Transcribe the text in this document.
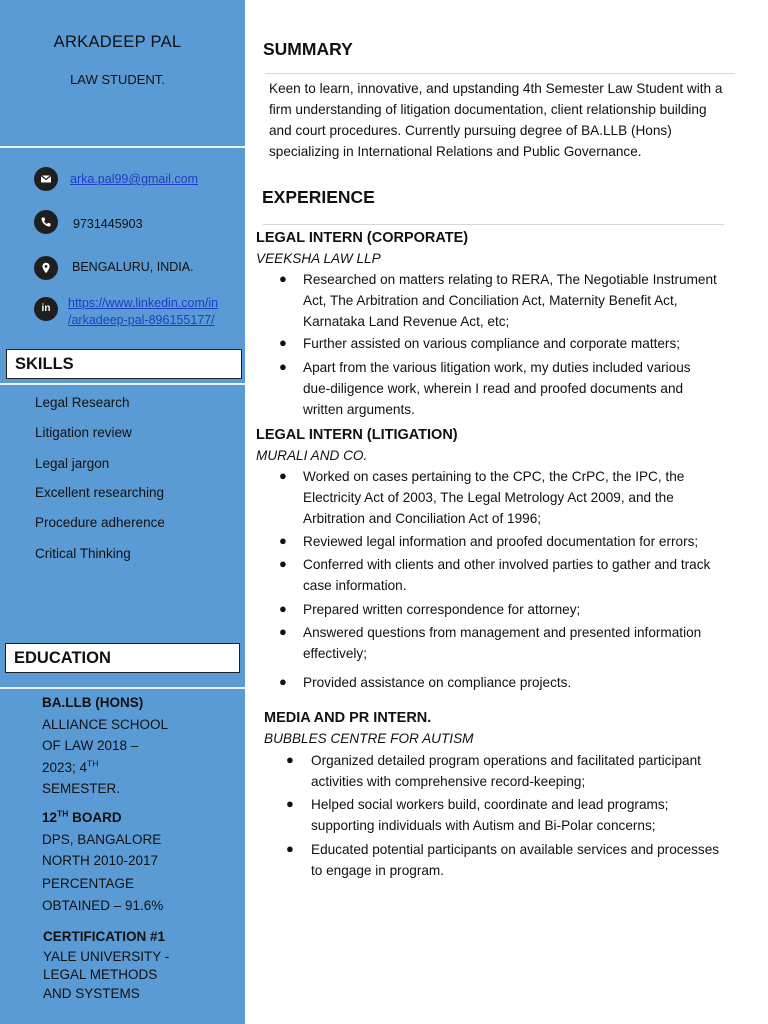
ARKADEEP PAL
LAW STUDENT.
arka.pal99@gmail.com
9731445903
BENGALURU, INDIA.
in	https://www.linkedin.com/in
/arkadeep-pal-896155177/
SKILLS
Legal Research
Litigation review
Legal jargon
Excellent researching
Procedure adherence
Critical Thinking
EDUCATION
BA.LLB (HONS)
ALLIANCE SCHOOL
OF LAW 2018 –
2023; 4TH
SEMESTER.
12TH BOARD
DPS, BANGALORE
NORTH 2010-2017
PERCENTAGE
OBTAINED – 91.6%
CERTIFICATION #1
YALE UNIVERSITY -
LEGAL METHODS
AND SYSTEMS
SUMMARY
Keen to learn, innovative, and upstanding 4th Semester Law Student with a
firm understanding of litigation documentation, client relationship building
and court procedures. Currently pursuing degree of BA.LLB (Hons)
specializing in International Relations and Public Governance.
EXPERIENCE
LEGAL INTERN (CORPORATE)
VEEKSHA LAW LLP
● Researched on matters relating to RERA, The Negotiable Instrument
Act, The Arbitration and Conciliation Act, Maternity Benefit Act,
Karnataka Land Revenue Act, etc;
● Further assisted on various compliance and corporate matters;
● Apart from the various litigation work, my duties included various
due-diligence work, wherein I read and proofed documents and
written arguments.
LEGAL INTERN (LITIGATION)
MURALI AND CO.
● Worked on cases pertaining to the CPC, the CrPC, the IPC, the
Electricity Act of 2003, The Legal Metrology Act 2009, and the
Arbitration and Conciliation Act of 1996;
● Reviewed legal information and proofed documentation for errors;
● Conferred with clients and other involved parties to gather and track
case information.
● Prepared written correspondence for attorney;
● Answered questions from management and presented information
effectively;
● Provided assistance on compliance projects.
MEDIA AND PR INTERN.
BUBBLES CENTRE FOR AUTISM
● Organized detailed program operations and facilitated participant
activities with comprehensive record-keeping;
● Helped social workers build, coordinate and lead programs;
supporting individuals with Autism and Bi-Polar concerns;
● Educated potential participants on available services and processes
to engage in program.
